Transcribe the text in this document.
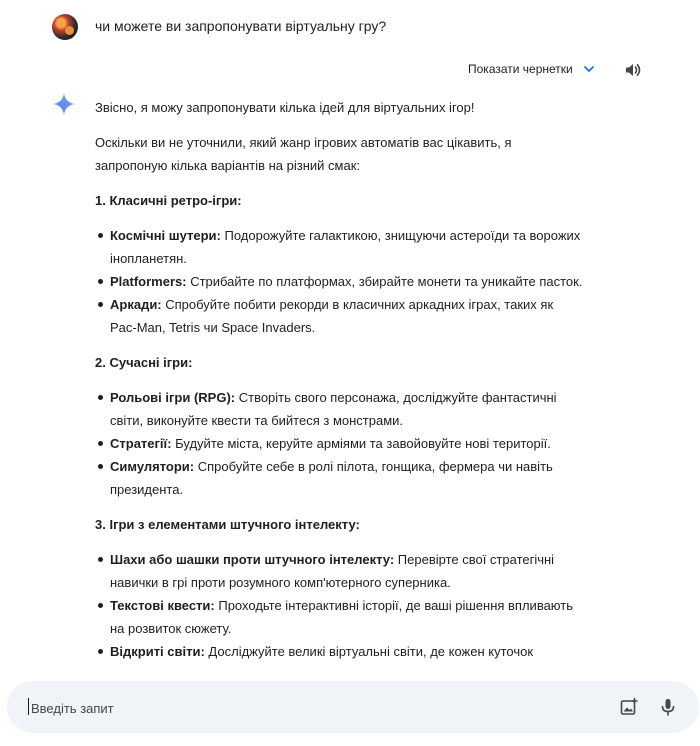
чи можете ви запропонувати віртуальну гру?
Показати чернетки

Звісно, я можу запропонувати кілька ідей для віртуальних ігор!

Оскільки ви не уточнили, який жанр ігрових автоматів вас цікавить, я
запропоную кілька варіантів на різний смак:

1. Класичні ретро-ігри:

Космічні шутери: Подорожуйте галактикою, знищуючи астероїди та ворожих
інопланетян.
Platformers: Стрибайте по платформах, збирайте монети та уникайте пасток.
Аркади: Спробуйте побити рекорди в класичних аркадних іграх, таких як
Pac-Man, Tetris чи Space Invaders.

2. Сучасні ігри:

Рольові ігри (RPG): Створіть свого персонажа, досліджуйте фантастичні
світи, виконуйте квести та бийтеся з монстрами.
Стратегії: Будуйте міста, керуйте арміями та завойовуйте нові території.
Симулятори: Спробуйте себе в ролі пілота, гонщика, фермера чи навіть
президента.

3. Ігри з елементами штучного інтелекту:

Шахи або шашки проти штучного інтелекту: Перевірте свої стратегічні
навички в грі проти розумного комп'ютерного суперника.
Текстові квести: Проходьте інтерактивні історії, де ваші рішення впливають
на розвиток сюжету.
Відкриті світи: Досліджуйте великі віртуальні світи, де кожен куточок
Введіть запит
